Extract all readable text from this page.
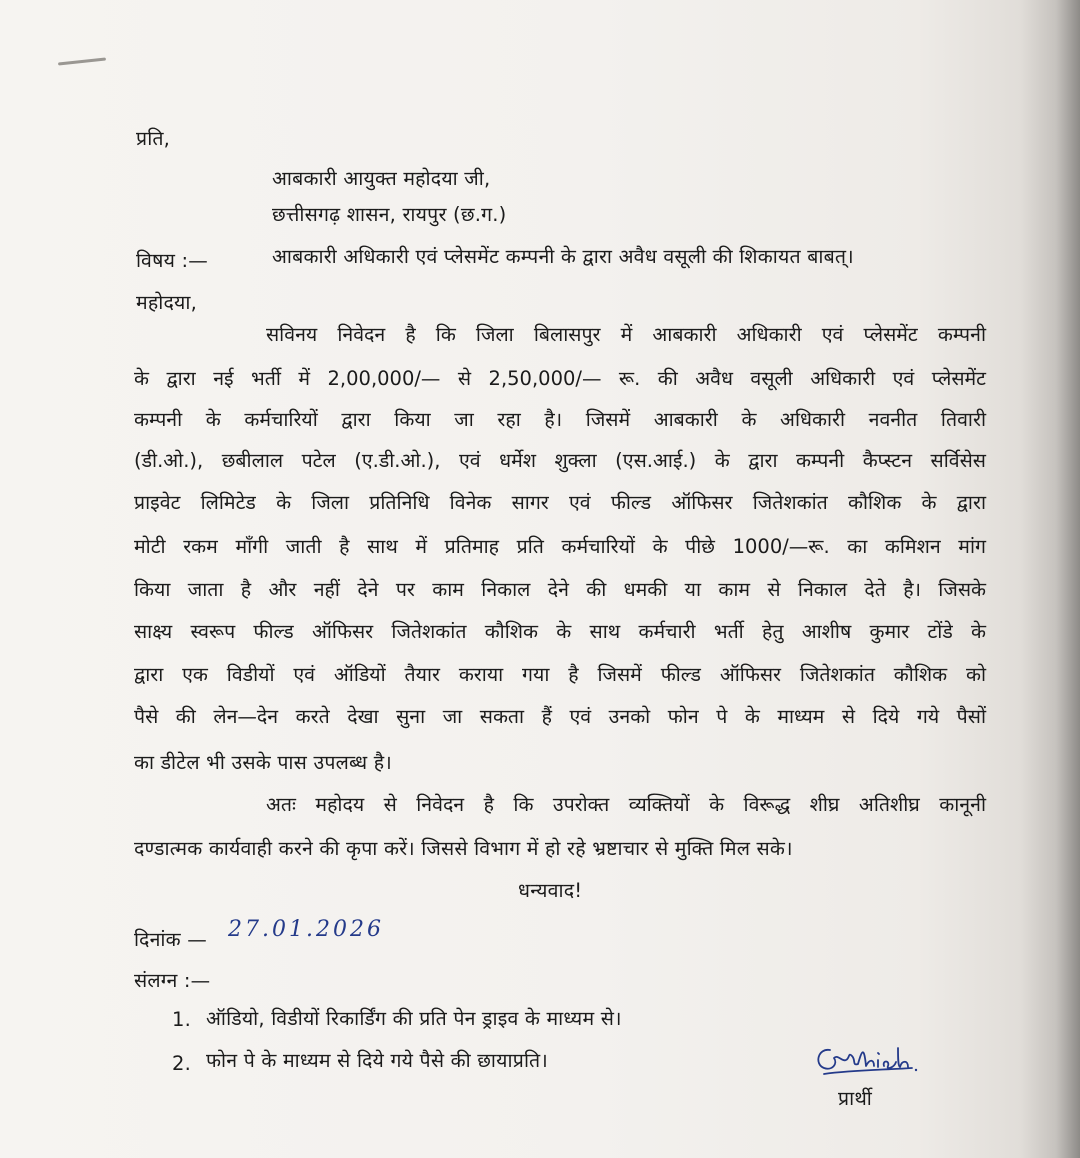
प्रति,
आबकारी आयुक्त महोदया जी,
छत्तीसगढ़ शासन, रायपुर (छ.ग.)
विषय :—	आबकारी अधिकारी एवं प्लेसमेंट कम्पनी के द्वारा अवैध वसूली की शिकायत बाबत्।
महोदया,
सविनय निवेदन है कि जिला बिलासपुर में आबकारी अधिकारी एवं प्लेसमेंट कम्पनी
के द्वारा नई भर्ती में 2,00,000/— से 2,50,000/— रू. की अवैध वसूली अधिकारी एवं प्लेसमेंट
कम्पनी के कर्मचारियों द्वारा किया जा रहा है। जिसमें आबकारी के अधिकारी नवनीत तिवारी
(डी.ओ.), छबीलाल पटेल (ए.डी.ओ.), एवं धर्मेश शुक्ला (एस.आई.) के द्वारा कम्पनी कैप्स्टन सर्विसेस
प्राइवेट लिमिटेड के जिला प्रतिनिधि विनेक सागर एवं फील्ड ऑफिसर जितेशकांत कौशिक के द्वारा
मोटी रकम माँगी जाती है साथ में प्रतिमाह प्रति कर्मचारियों के पीछे 1000/—रू. का कमिशन मांग
किया जाता है और नहीं देने पर काम निकाल देने की धमकी या काम से निकाल देते है। जिसके
साक्ष्य स्वरूप फील्ड ऑफिसर जितेशकांत कौशिक के साथ कर्मचारी भर्ती हेतु आशीष कुमार टोंडे के
द्वारा एक विडीयों एवं ऑडियों तैयार कराया गया है जिसमें फील्ड ऑफिसर जितेशकांत कौशिक को
पैसे की लेन—देन करते देखा सुना जा सकता हैं एवं उनको फोन पे के माध्यम से दिये गये पैसों
का डीटेल भी उसके पास उपलब्ध है।
अतः महोदय से निवेदन है कि उपरोक्त व्यक्तियों के विरूद्ध शीघ्र अतिशीघ्र कानूनी
दण्डात्मक कार्यवाही करने की कृपा करें। जिससे विभाग में हो रहे भ्रष्टाचार से मुक्ति मिल सके।
धन्यवाद!
दिनांक — 27.01.2026
संलग्न :—
1. ऑडियो, विडीयों रिकार्डिंग की प्रति पेन ड्राइव के माध्यम से।
2. फोन पे के माध्यम से दिये गये पैसे की छायाप्रति।
प्रार्थी
